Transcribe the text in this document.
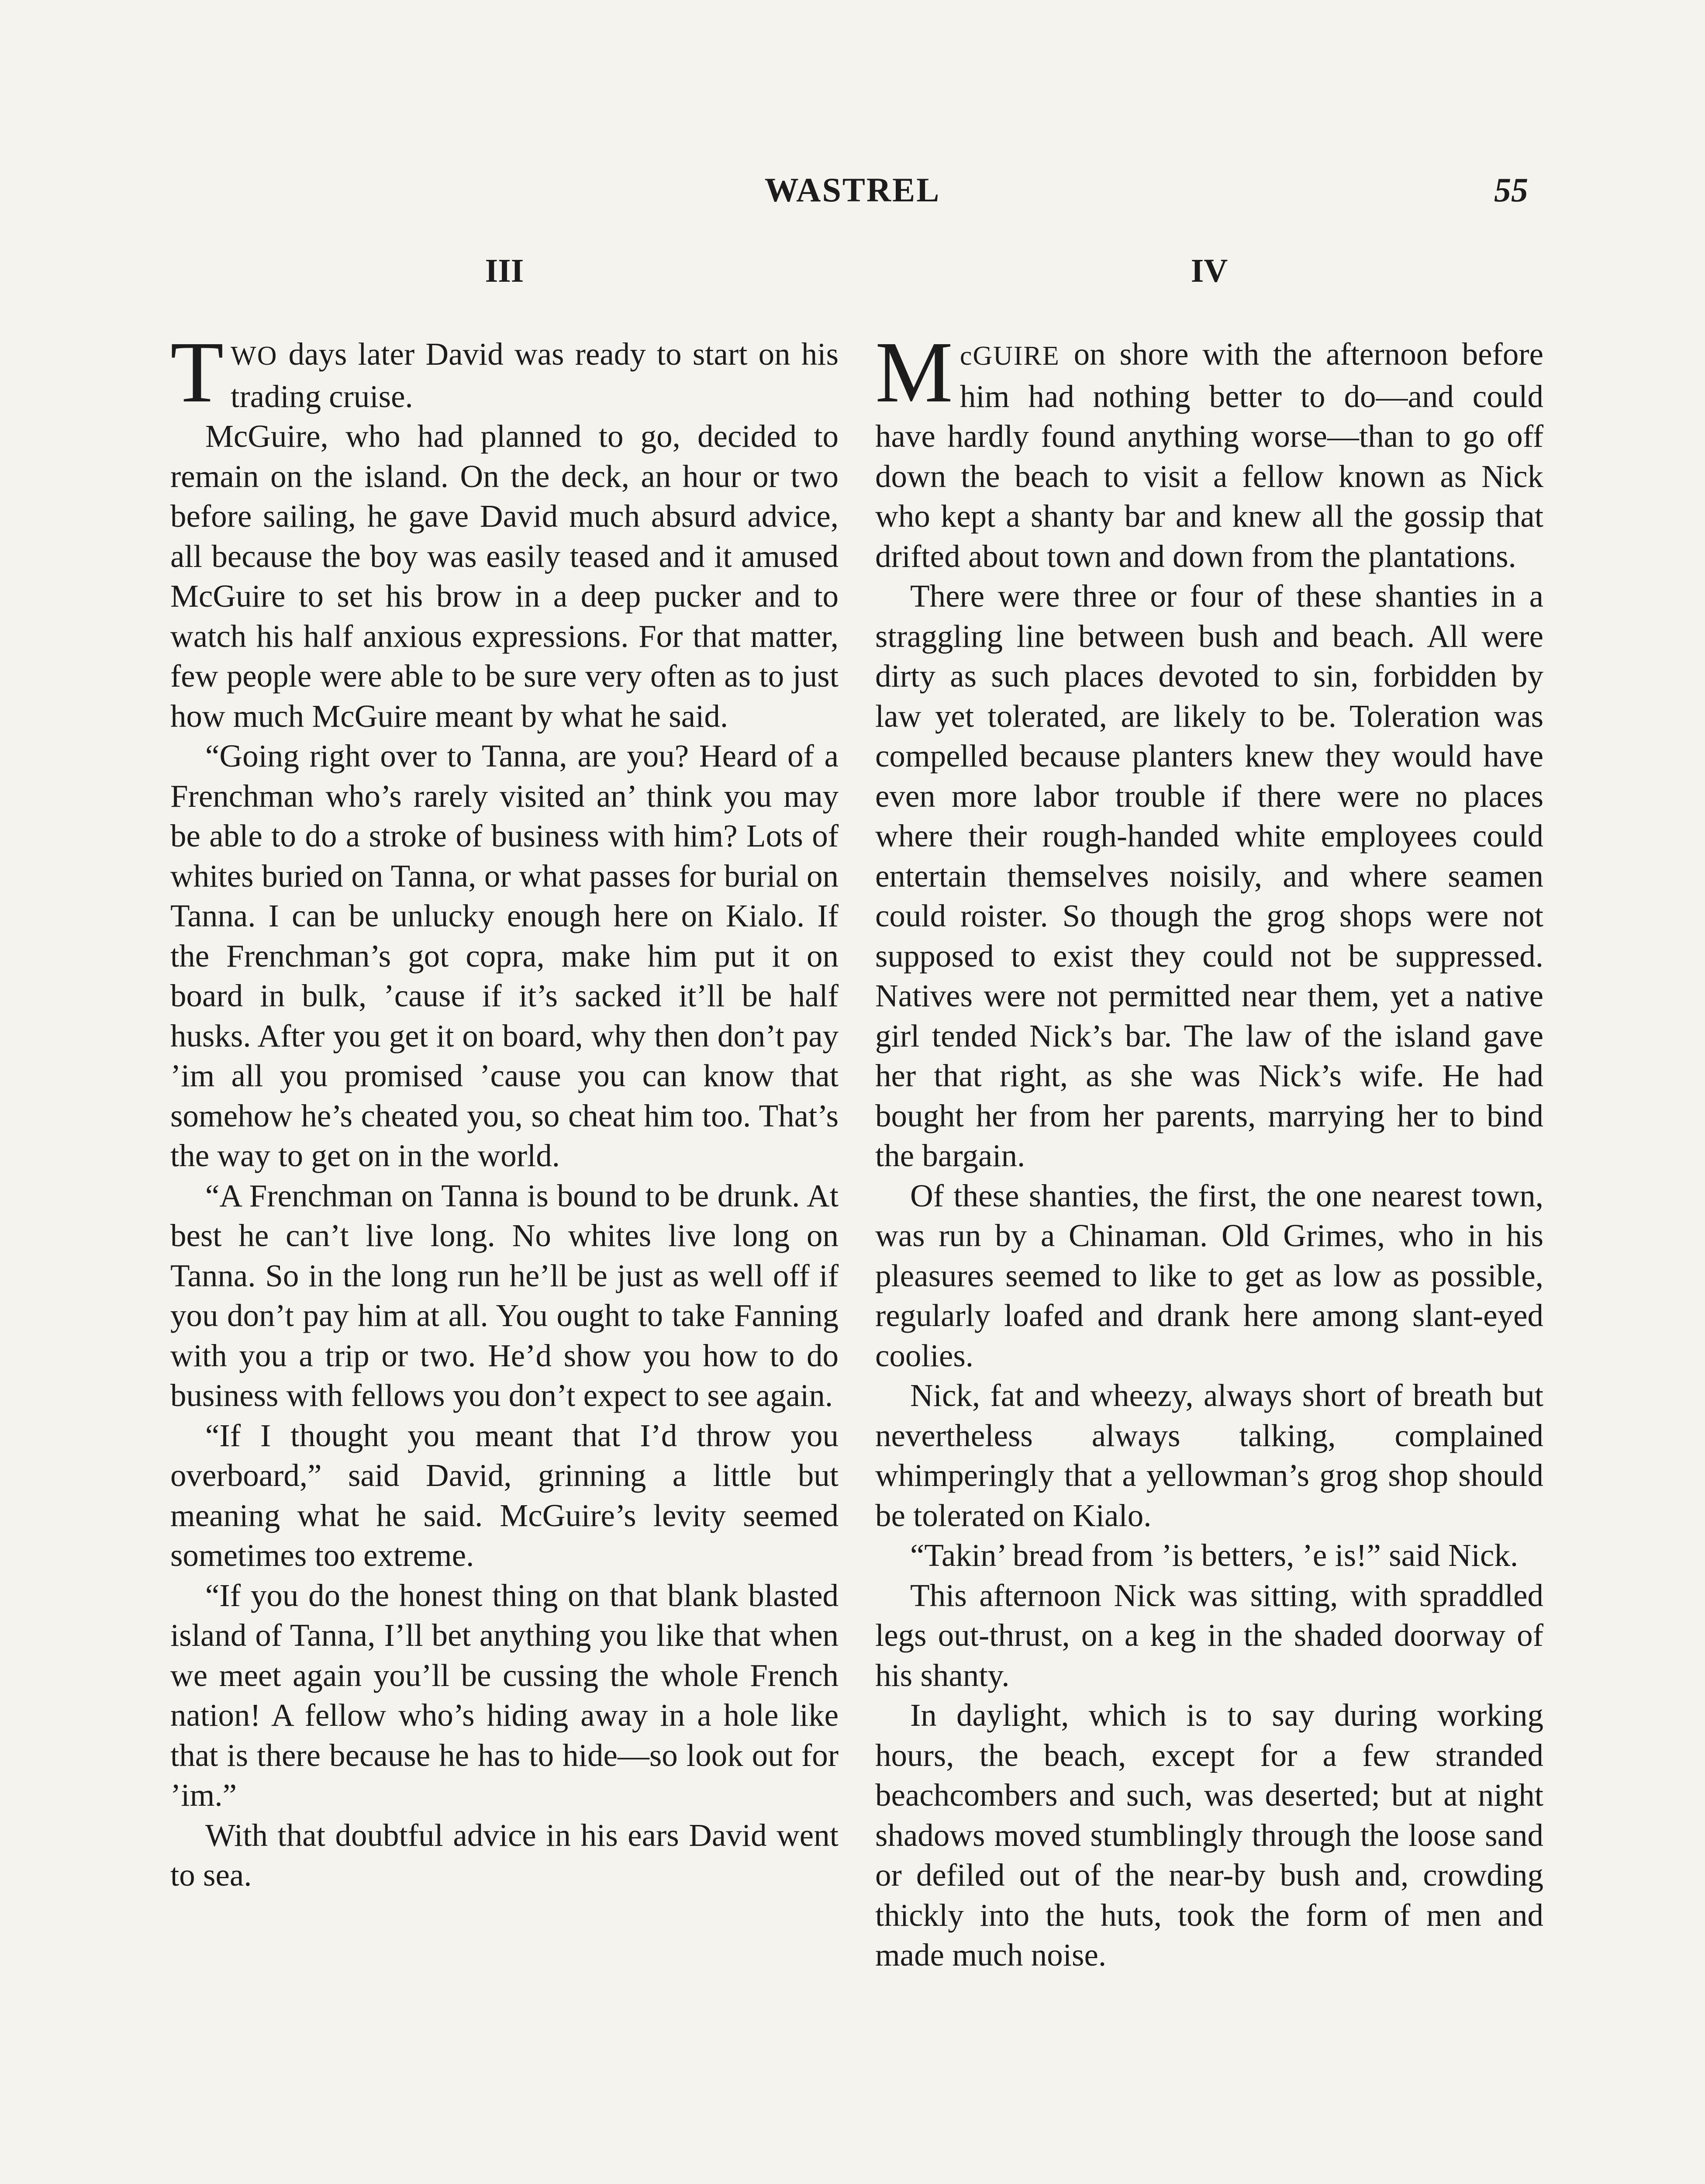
WASTREL	55
III

TWO days later David was ready to start on his trading cruise.

McGuire, who had planned to go, decided to remain on the island. On the deck, an hour or two before sailing, he gave David much absurd advice, all because the boy was easily teased and it amused McGuire to set his brow in a deep pucker and to watch his half anxious expressions. For that matter, few people were able to be sure very often as to just how much McGuire meant by what he said.

“Going right over to Tanna, are you? Heard of a Frenchman who’s rarely visited an’ think you may be able to do a stroke of business with him? Lots of whites buried on Tanna, or what passes for burial on Tanna. I can be unlucky enough here on Kialo. If the Frenchman’s got copra, make him put it on board in bulk, ’cause if it’s sacked it’ll be half husks. After you get it on board, why then don’t pay ’im all you promised ’cause you can know that somehow he’s cheated you, so cheat him too. That’s the way to get on in the world.

“A Frenchman on Tanna is bound to be drunk. At best he can’t live long. No whites live long on Tanna. So in the long run he’ll be just as well off if you don’t pay him at all. You ought to take Fanning with you a trip or two. He’d show you how to do business with fellows you don’t expect to see again.

“If I thought you meant that I’d throw you overboard,” said David, grinning a little but meaning what he said. McGuire’s levity seemed sometimes too extreme.

“If you do the honest thing on that blank blasted island of Tanna, I’ll bet anything you like that when we meet again you’ll be cussing the whole French nation! A fellow who’s hiding away in a hole like that is there because he has to hide—so look out for ’im.”

With that doubtful advice in his ears David went to sea.

IV

McGUIRE on shore with the afternoon before him had nothing better to do—and could have hardly found anything worse—than to go off down the beach to visit a fellow known as Nick who kept a shanty bar and knew all the gossip that drifted about town and down from the plantations.

There were three or four of these shanties in a straggling line between bush and beach. All were dirty as such places devoted to sin, forbidden by law yet tolerated, are likely to be. Toleration was compelled because planters knew they would have even more labor trouble if there were no places where their rough-handed white employees could entertain themselves noisily, and where seamen could roister. So though the grog shops were not supposed to exist they could not be suppressed. Natives were not permitted near them, yet a native girl tended Nick’s bar. The law of the island gave her that right, as she was Nick’s wife. He had bought her from her parents, marrying her to bind the bargain.

Of these shanties, the first, the one nearest town, was run by a Chinaman. Old Grimes, who in his pleasures seemed to like to get as low as possible, regularly loafed and drank here among slant-eyed coolies.

Nick, fat and wheezy, always short of breath but nevertheless always talking, complained whimperingly that a yellowman’s grog shop should be tolerated on Kialo.

“Takin’ bread from ’is betters, ’e is!” said Nick.

This afternoon Nick was sitting, with spraddled legs out-thrust, on a keg in the shaded doorway of his shanty.

In daylight, which is to say during working hours, the beach, except for a few stranded beachcombers and such, was deserted; but at night shadows moved stumblingly through the loose sand or defiled out of the near-by bush and, crowding thickly into the huts, took the form of men and made much noise.
